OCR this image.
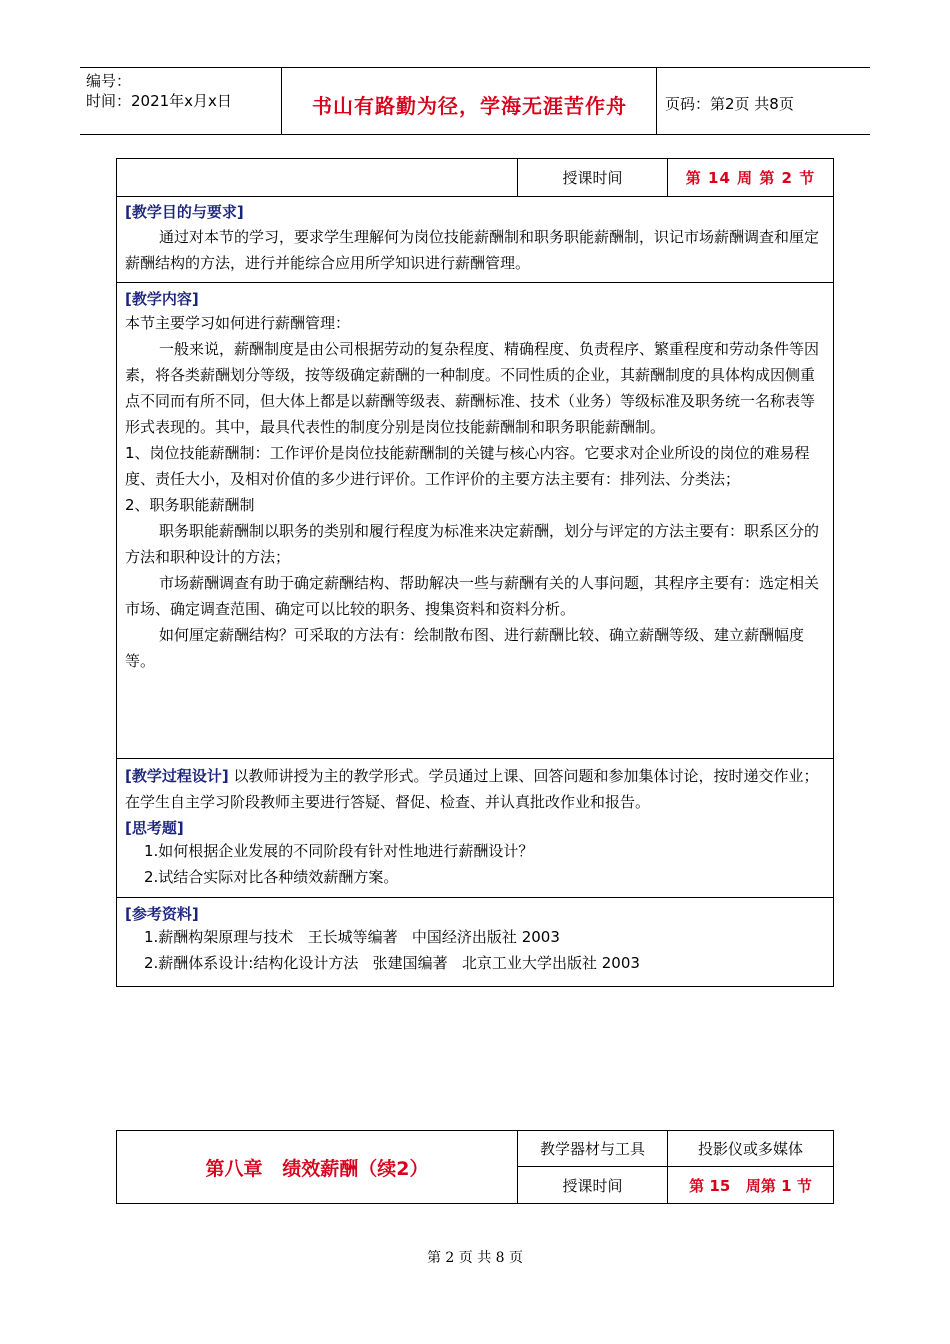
编号：
时间：2021年x月x日	书山有路勤为径，学海无涯苦作舟	页码：第2页 共8页
授课时间	第 14 周 第 2 节
[教学目的与要求]
通过对本节的学习，要求学生理解何为岗位技能薪酬制和职务职能薪酬制，识记市场薪酬调查和厘定薪酬结构的方法，进行并能综合应用所学知识进行薪酬管理。
[教学内容]
本节主要学习如何进行薪酬管理：
一般来说，薪酬制度是由公司根据劳动的复杂程度、精确程度、负责程序、繁重程度和劳动条件等因素，将各类薪酬划分等级，按等级确定薪酬的一种制度。不同性质的企业，其薪酬制度的具体构成因侧重点不同而有所不同，但大体上都是以薪酬等级表、薪酬标准、技术（业务）等级标准及职务统一名称表等形式表现的。其中，最具代表性的制度分别是岗位技能薪酬制和职务职能薪酬制。
1、岗位技能薪酬制：工作评价是岗位技能薪酬制的关键与核心内容。它要求对企业所设的岗位的难易程度、责任大小，及相对价值的多少进行评价。工作评价的主要方法主要有：排列法、分类法；
2、职务职能薪酬制
职务职能薪酬制以职务的类别和履行程度为标准来决定薪酬，划分与评定的方法主要有：职系区分的方法和职种设计的方法；
市场薪酬调查有助于确定薪酬结构、帮助解决一些与薪酬有关的人事问题，其程序主要有：选定相关市场、确定调查范围、确定可以比较的职务、搜集资料和资料分析。
如何厘定薪酬结构？可采取的方法有：绘制散布图、进行薪酬比较、确立薪酬等级、建立薪酬幅度等。
[教学过程设计] 以教师讲授为主的教学形式。学员通过上课、回答问题和参加集体讨论，按时递交作业；在学生自主学习阶段教师主要进行答疑、督促、检查、并认真批改作业和报告。
[思考题]
1.如何根据企业发展的不同阶段有针对性地进行薪酬设计？
2.试结合实际对比各种绩效薪酬方案。
[参考资料]
1.薪酬构架原理与技术   王长城等编著   中国经济出版社 2003
2.薪酬体系设计:结构化设计方法   张建国编著   北京工业大学出版社 2003
第八章   绩效薪酬（续2）
教学器材与工具	投影仪或多媒体
授课时间	第 15   周第 1 节
第 2 页 共 8 页
